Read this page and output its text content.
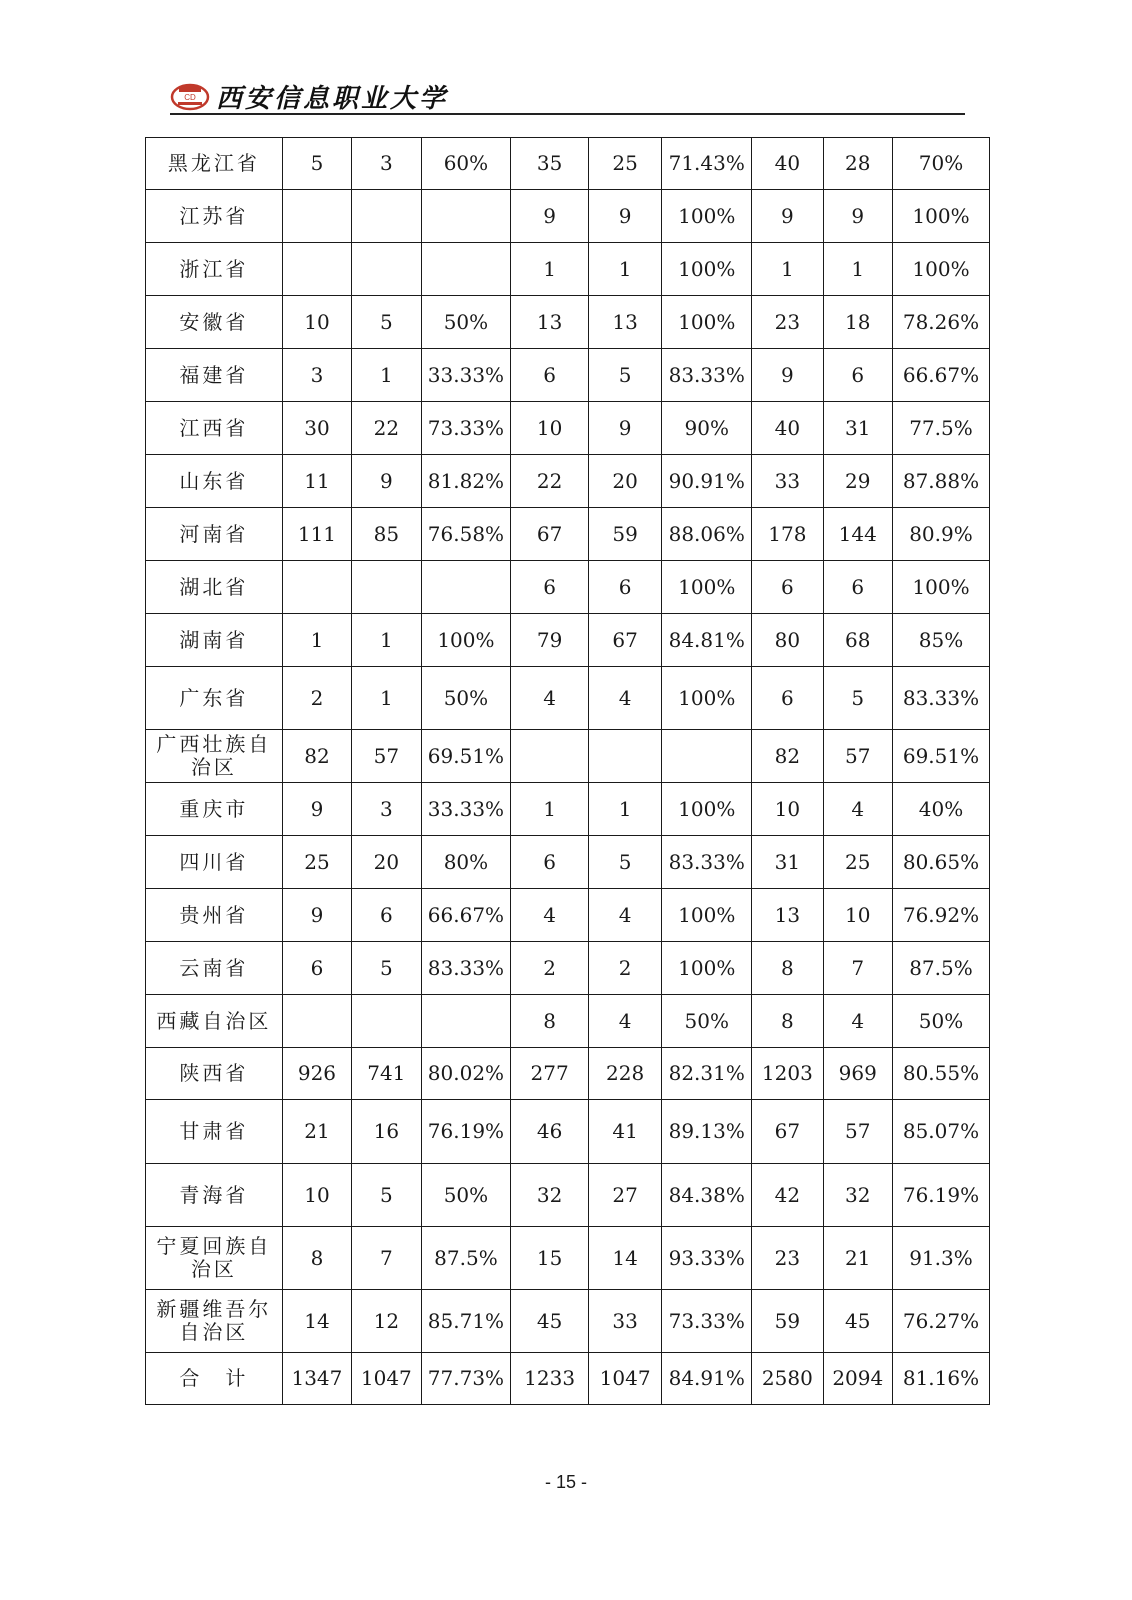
CD 西安信息职业大学
黑龙江省	5	3	60%	35	25	71.43%	40	28	70%
江苏省				9	9	100%	9	9	100%
浙江省				1	1	100%	1	1	100%
安徽省	10	5	50%	13	13	100%	23	18	78.26%
福建省	3	1	33.33%	6	5	83.33%	9	6	66.67%
江西省	30	22	73.33%	10	9	90%	40	31	77.5%
山东省	11	9	81.82%	22	20	90.91%	33	29	87.88%
河南省	111	85	76.58%	67	59	88.06%	178	144	80.9%
湖北省				6	6	100%	6	6	100%
湖南省	1	1	100%	79	67	84.81%	80	68	85%
广东省	2	1	50%	4	4	100%	6	5	83.33%
广西壮族自治区	82	57	69.51%				82	57	69.51%
重庆市	9	3	33.33%	1	1	100%	10	4	40%
四川省	25	20	80%	6	5	83.33%	31	25	80.65%
贵州省	9	6	66.67%	4	4	100%	13	10	76.92%
云南省	6	5	83.33%	2	2	100%	8	7	87.5%
西藏自治区				8	4	50%	8	4	50%
陕西省	926	741	80.02%	277	228	82.31%	1203	969	80.55%
甘肃省	21	16	76.19%	46	41	89.13%	67	57	85.07%
青海省	10	5	50%	32	27	84.38%	42	32	76.19%
宁夏回族自治区	8	7	87.5%	15	14	93.33%	23	21	91.3%
新疆维吾尔自治区	14	12	85.71%	45	33	73.33%	59	45	76.27%
合　计	1347	1047	77.73%	1233	1047	84.91%	2580	2094	81.16%
- 15 -
